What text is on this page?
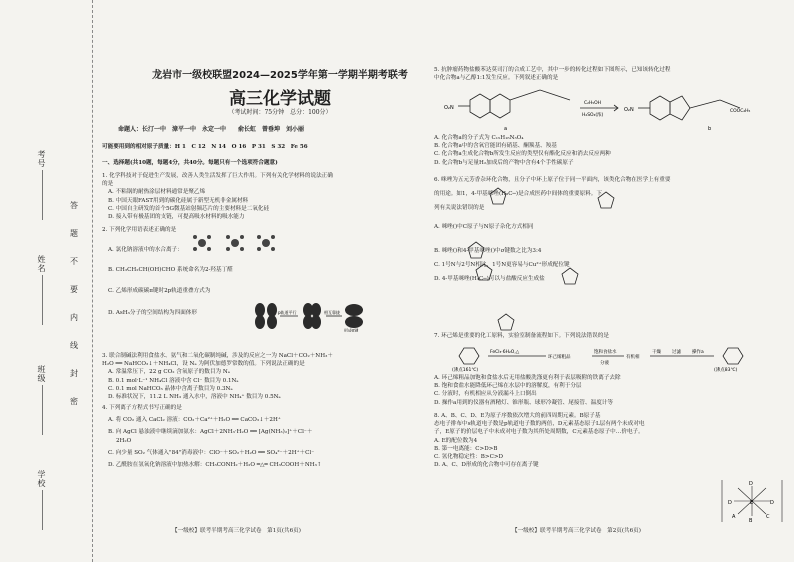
考号
姓名
班级
学校
答
题
不
要
内
线
封
密
龙岩市一级校联盟2024—2025学年第一学期半期考联考
高三化学试题
（考试时间：75分钟　总分：100分）
命题人：长汀一中　漳平一中　永定一中　　俞长虹　曾垂坤　刘小丽
可能要用到的相对原子质量：H 1　C 12　N 14　O 16　P 31　S 32　Fe 56
一、选择题(共10题，每题4分，共40分。每题只有一个选项符合题意)

1. 化学科技对于促进生产发展，改善人类生活发挥了巨大作用。下列有关化学材料的说法正确

的是

A. 不粘锅的耐热涂层材料通常是聚乙烯

B. 中国天眼FAST用到的碳化硅属于新型无机非金属材料

C. 中国自主研发的首个5G微基站射频芯片的主要材料是二氧化硅

D. 接入带有极基团的支链，可提高吸水材料的吸水能力

2. 下列化学用语表述正确的是

A. 氯化钠溶液中的水合离子：

B. CH₃CH₂CH(OH)CHO 系统命名为2-羟基丁醛

C. 乙烯形成碳碳π键时2p轨道重叠方式为

D. AsH₃分子的空间结构为四面体形	p轨道平行	相互靠拢
形成π键

3. 联合制碱法利用食盐水、氨气和二氧化碳制纯碱，涉及的反应之一为 NaCl＋CO₂＋NH₃＋

H₂O ══ NaHCO₃↓＋NH₄Cl，设 Nₐ 为阿伏加德罗常数的值。下列说法正确的是

A. 常温常压下，22 g CO₂ 含氧原子的数目为 Nₐ

B. 0.1 mol·L⁻¹ NH₄Cl 溶液中含 Cl⁻ 数目为 0.1Nₐ

C. 0.1 mol NaHCO₃ 晶体中含离子数目为 0.3Nₐ

D. 标准状况下，11.2 L NH₃ 通入水中，溶液中 NH₄⁺ 数目为 0.5Nₐ

4. 下列离子方程式书写正确的是

A. 将 CO₂ 通入 CaCl₂ 溶液：CO₂＋Ca²⁺＋H₂O ══ CaCO₃↓＋2H⁺

B. 向 AgCl 悬浊液中继续滴加氨水：AgCl＋2NH₃·H₂O ══ [Ag(NH₃)₂]⁺＋Cl⁻＋

2H₂O

C. 向少量 SO₂ 气体通入"84"消毒液中：ClO⁻＋SO₂＋H₂O ══ SO₄²⁻＋2H⁺＋Cl⁻

D. 乙酰胺在氢氧化钠溶液中加热水解：CH₃CONH₂＋H₂O ═△═ CH₃COOH＋NH₃↑

【一级校】联考半期考高三化学试卷　第1页(共6页)

5. 抗肿瘤药物盐酸苯达莫司汀的合成工艺中，其中一步的转化过程如下图所示，已知该转化过程

中化合物a与乙醇1:1发生反应。下列叙述正确的是

O₂N	O₂N
C₂H₅OH
H₂SO₄(浓)
a	b
COOC₂H₅

A. 化合物a的分子式为 C₁₅H₁₆N₃O₄

B. 化合物a中的含氧官能团有硝基、酮羰基、羧基

C. 化合物a生成化合物b所发生反应的类型仅有酯化反应和消去反应两种

D. 化合物b与足量H₂加成后的产物中含有4个手性碳原子

6. 咪唑为五元芳香杂环化合物，且分子中环上原子位于同一平面内，该类化合物在医学上有重要

的用途。如1，4-甲基咪唑(H₃C─)是合成医药中间体的重要原料。下

列有关说法错误的是

A. 咪唑()中C原子与N原子杂化方式相同

B. 咪唑()和4-甲基咪唑()中σ键数之比为3:4

C. 1号N与2号N相比，1号N更容易与Cu²⁺形成配位键

D. 4-甲基咪唑(H₃C─)可以与盐酸反应生成盐

7. 环己烯是重要的化工原料，实验室制备流程如下。下列说法错误的是

FeCl₃·6H₂O,△
环己烯粗品
饱和食盐水
分液
有机相
干燥 过滤 操作a
(沸点161℃)	(沸点83℃)

A. 环己烯粗品加饱和食盐水后无用盐酸洗涤更有利于表层吸附的铁离子去除

B. 饱和食盐水能降低环己烯在水层中的溶解度，有利于分层

C. 分液时，有机相应从分液漏斗上口倒出

D. 操作a用到的仪器有酒精灯、锥形瓶、球形冷凝管、尾接管、温度计等

8. A、B、C、D、E为原子序数依次增大的前四周期元素。B原子基

态电子排布中s轨道电子数是p轨道电子数的两倍，D元素基态原子L层有两个未成对电

子，E原子的价层电子中未成对电子数为其所处周期数，C元素基态原子中…价电子。

A. E的配位数为4

B. 第一电离能：C>D>B

C. 氢化物稳定性：B>C>D

D. A、C、D形成的化合物中可存在离子键

D
E
D	D
B
A	C
【一级校】联考半期考高三化学试卷　第2页(共6页)
